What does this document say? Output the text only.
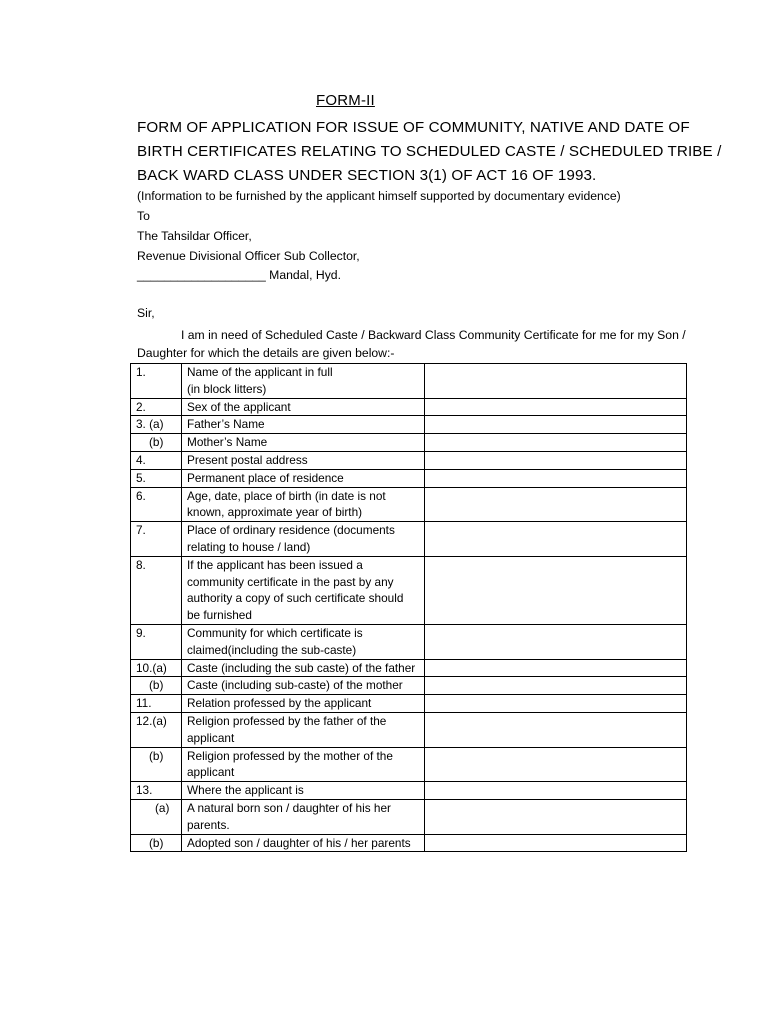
FORM-II
FORM OF APPLICATION FOR ISSUE OF COMMUNITY, NATIVE AND DATE OF
BIRTH CERTIFICATES RELATING TO SCHEDULED CASTE / SCHEDULED TRIBE /
BACK WARD CLASS UNDER SECTION 3(1) OF ACT 16 OF 1993.
(Information to be furnished by the applicant himself supported by documentary evidence)
To
The Tahsildar Officer,
Revenue Divisional Officer Sub Collector,
___________________ Mandal, Hyd.
Sir,
I am in need of Scheduled Caste / Backward Class Community Certificate for me for my Son / Daughter for which the details are given below:-
1.	Name of the applicant in full
(in block litters)	
2.	Sex of the applicant	
3. (a)	Father’s Name	
(b)	Mother’s Name	
4.	Present postal address	
5.	Permanent place of residence	
6.	Age, date, place of birth (in date is not known, approximate year of birth)	
7.	Place of ordinary residence (documents relating to house / land)	
8.	If the applicant has been issued a community certificate in the past by any authority a copy of such certificate should be furnished	
9.	Community for which certificate is claimed(including the sub-caste)	
10.(a)	Caste (including the sub caste) of the father	
(b)	Caste (including sub-caste) of the mother	
11.	Relation professed by the applicant	
12.(a)	Religion professed by the father of the applicant	
(b)	Religion professed by the mother of the applicant	
13.	Where the applicant is	
(a)	A natural born son / daughter of his her parents.	
(b)	Adopted son / daughter of his / her parents	
